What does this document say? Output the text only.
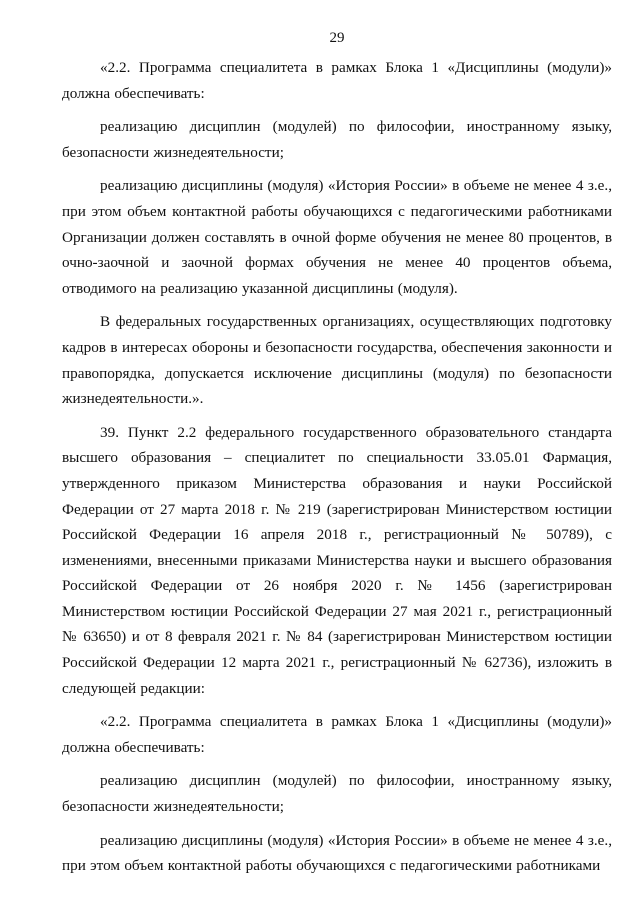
29

«2.2. Программа специалитета в рамках Блока 1 «Дисциплины (модули)» должна обеспечивать:

реализацию дисциплин (модулей) по философии, иностранному языку, безопасности жизнедеятельности;

реализацию дисциплины (модуля) «История России» в объеме не менее 4 з.е., при этом объем контактной работы обучающихся с педагогическими работниками Организации должен составлять в очной форме обучения не менее 80 процентов, в очно-заочной и заочной формах обучения не менее 40 процентов объема, отводимого на реализацию указанной дисциплины (модуля).

В федеральных государственных организациях, осуществляющих подготовку кадров в интересах обороны и безопасности государства, обеспечения законности и правопорядка, допускается исключение дисциплины (модуля) по безопасности жизнедеятельности.».

39. Пункт 2.2 федерального государственного образовательного стандарта высшего образования – специалитет по специальности 33.05.01 Фармация, утвержденного приказом Министерства образования и науки Российской Федерации от 27 марта 2018 г. № 219 (зарегистрирован Министерством юстиции Российской Федерации 16 апреля 2018 г., регистрационный № 50789), с изменениями, внесенными приказами Министерства науки и высшего образования Российской Федерации от 26 ноября 2020 г. № 1456 (зарегистрирован Министерством юстиции Российской Федерации 27 мая 2021 г., регистрационный № 63650) и от 8 февраля 2021 г. № 84 (зарегистрирован Министерством юстиции Российской Федерации 12 марта 2021 г., регистрационный № 62736), изложить в следующей редакции:

«2.2. Программа специалитета в рамках Блока 1 «Дисциплины (модули)» должна обеспечивать:

реализацию дисциплин (модулей) по философии, иностранному языку, безопасности жизнедеятельности;

реализацию дисциплины (модуля) «История России» в объеме не менее 4 з.е., при этом объем контактной работы обучающихся с педагогическими работниками
